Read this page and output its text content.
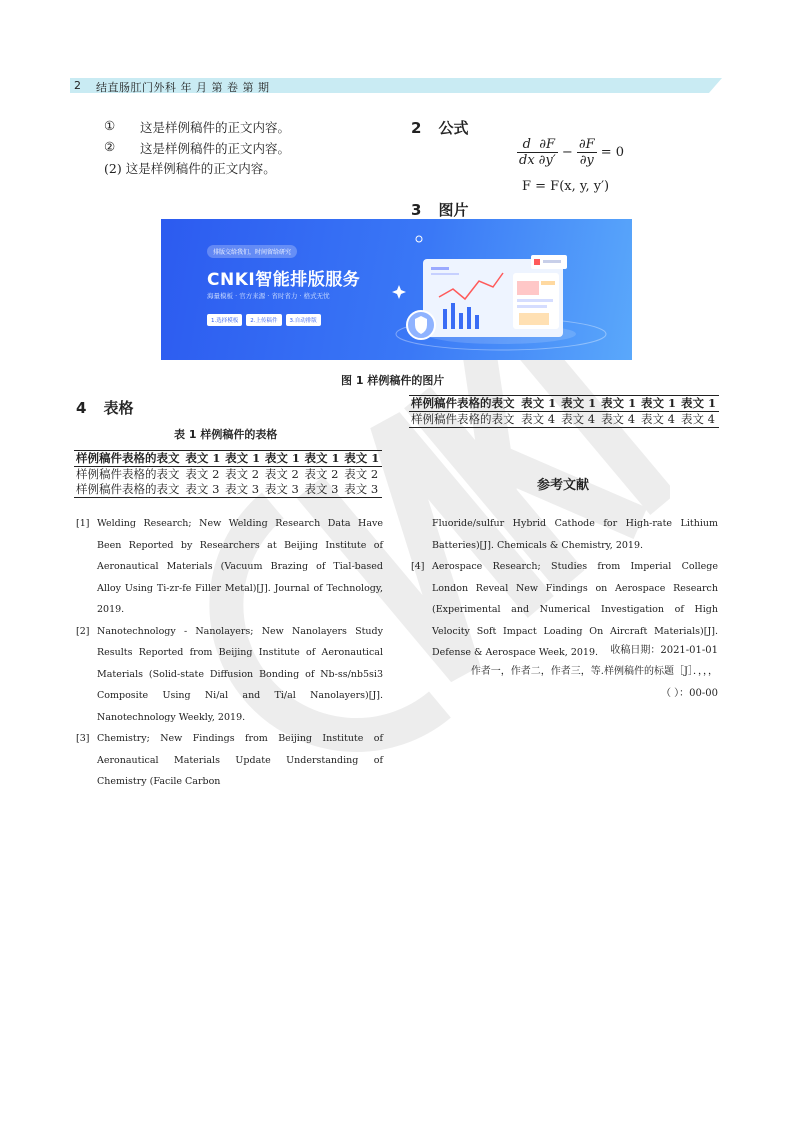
2 结直肠肛门外科 年 月 第 卷 第 期
① 这是样例稿件的正文内容。
② 这是样例稿件的正文内容。
(2) 这是样例稿件的正文内容。
2 公式
$\frac{d}{dx} \frac{\partial F}{\partial y'} - \frac{\partial F}{\partial y} = 0$
F = F(x, y, y′)
3 图片
排版交给我们，时间留给研究
CNKI智能排版服务
海量模板 · 官方来源 · 省时省力 · 格式无忧
1.选择模板	2.上传稿件	3.自动排版
图 1 样例稿件的图片
4 表格
表 1 样例稿件的表格
样例稿件表格的表文	表文 1	表文 1	表文 1	表文 1	表文 1
样例稿件表格的表文	表文 2	表文 2	表文 2	表文 2	表文 2
样例稿件表格的表文	表文 3	表文 3	表文 3	表文 3	表文 3
样例稿件表格的表文	表文 1	表文 1	表文 1	表文 1	表文 1
样例稿件表格的表文	表文 4	表文 4	表文 4	表文 4	表文 4
参考文献
[1] Welding Research; New Welding Research Data Have Been Reported by Researchers at Beijing Institute of Aeronautical Materials (Vacuum Brazing of Tial-based Alloy Using Ti-zr-fe Filler Metal)[J]. Journal of Technology, 2019.
[2] Nanotechnology - Nanolayers; New Nanolayers Study Results Reported from Beijing Institute of Aeronautical Materials (Solid-state Diffusion Bonding of Nb-ss/nb5si3 Composite Using Ni/al and Ti/al Nanolayers)[J]. Nanotechnology Weekly, 2019.
[3] Chemistry; New Findings from Beijing Institute of Aeronautical Materials Update Understanding of Chemistry (Facile Carbon
Fluoride/sulfur Hybrid Cathode for High-rate Lithium Batteries)[J]. Chemicals & Chemistry, 2019.
[4] Aerospace Research; Studies from Imperial College London Reveal New Findings on Aerospace Research (Experimental and Numerical Investigation of High Velocity Soft Impact Loading On Aircraft Materials)[J]. Defense & Aerospace Week, 2019.	收稿日期：2021-01-01
作者一，作者二，作者三，等.样例稿件的标题［J］．，，，
（ ）：00-00
